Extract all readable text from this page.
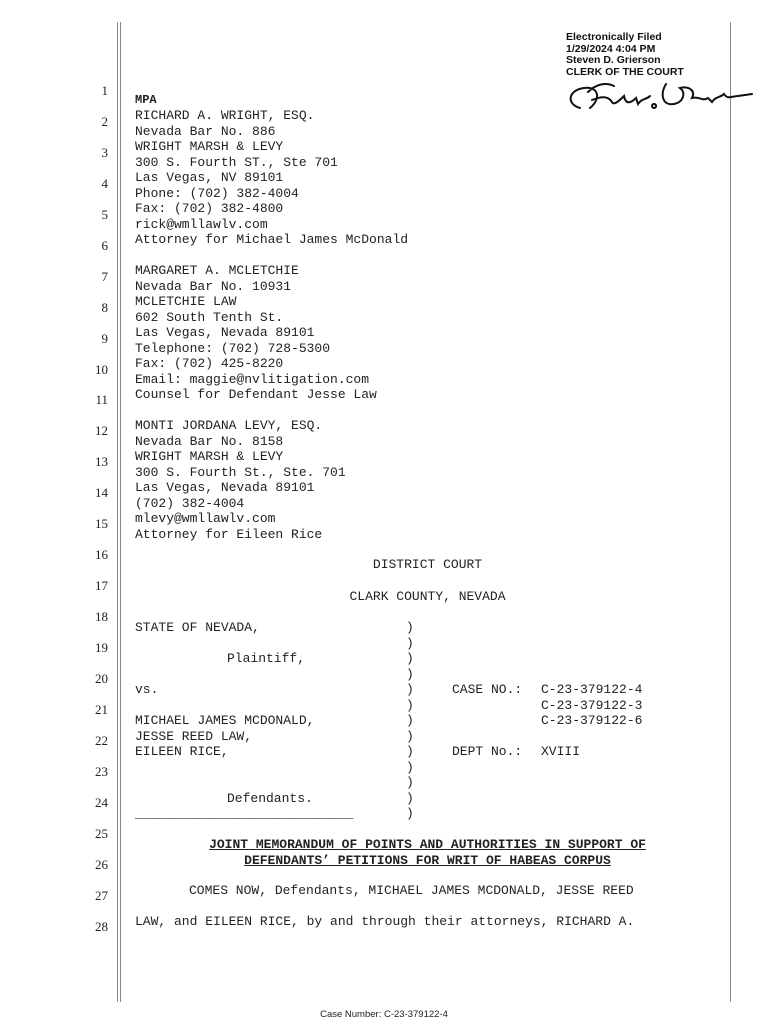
Electronically Filed
1/29/2024 4:04 PM
Steven D. Grierson
CLERK OF THE COURT
1
2
3
4
5
6
7
8
9
10
11
12
13
14
15
16
17
18
19
20
21
22
23
24
25
26
27
28
MPA
RICHARD A. WRIGHT, ESQ.
Nevada Bar No. 886
WRIGHT MARSH & LEVY
300 S. Fourth ST., Ste 701
Las Vegas, NV 89101
Phone: (702) 382-4004
Fax: (702) 382-4800
rick@wmllawlv.com
Attorney for Michael James McDonald
MARGARET A. MCLETCHIE
Nevada Bar No. 10931
MCLETCHIE LAW
602 South Tenth St.
Las Vegas, Nevada 89101
Telephone: (702) 728-5300
Fax: (702) 425-8220
Email: maggie@nvlitigation.com
Counsel for Defendant Jesse Law
MONTI JORDANA LEVY, ESQ.
Nevada Bar No. 8158
WRIGHT MARSH & LEVY
300 S. Fourth St., Ste. 701
Las Vegas, Nevada 89101
(702) 382-4004
mlevy@wmllawlv.com
Attorney for Eileen Rice
DISTRICT COURT
CLARK COUNTY, NEVADA
STATE OF NEVADA,
Plaintiff,
vs.
MICHAEL JAMES MCDONALD,
JESSE REED LAW,
EILEEN RICE,
Defendants.
____________________________
)
)
)
)
)
)
)
)
)
)
)
)
)
CASE NO.: C-23-379122-4
C-23-379122-3
C-23-379122-6
DEPT No.: XVIII
JOINT MEMORANDUM OF POINTS AND AUTHORITIES IN SUPPORT OF
DEFENDANTS’ PETITIONS FOR WRIT OF HABEAS CORPUS
COMES NOW, Defendants, MICHAEL JAMES MCDONALD, JESSE REED
LAW, and EILEEN RICE, by and through their attorneys, RICHARD A.
Case Number: C-23-379122-4
